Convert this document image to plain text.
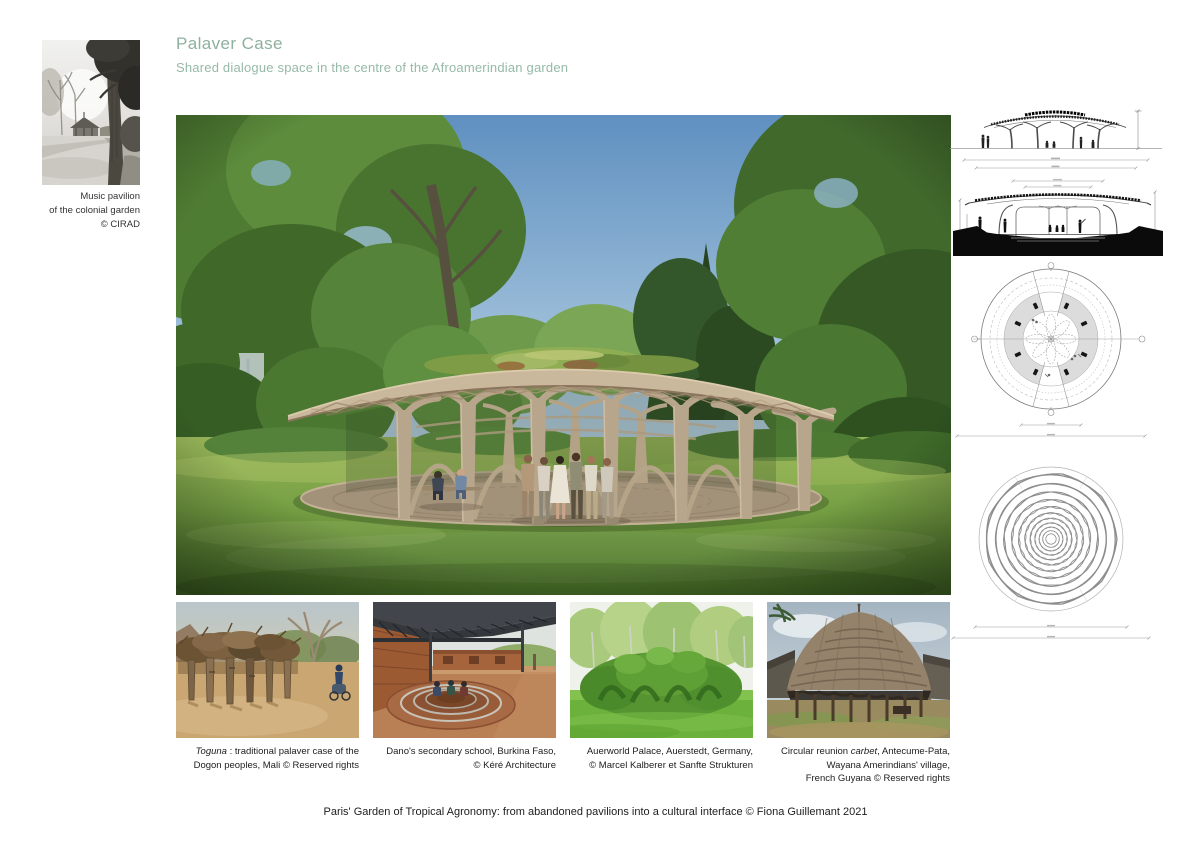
Palaver Case
Shared dialogue space in the centre of the Afroamerindian garden
Music pavilion
of the colonial garden
© CIRAD
Toguna : traditional palaver case of the
Dogon peoples, Mali © Reserved rights
Dano's secondary school, Burkina Faso,
© Kéré Architecture
Auerworld Palace, Auerstedt, Germany,
© Marcel Kalberer et Sanfte Strukturen
Circular reunion carbet, Antecume-Pata,
Wayana Amerindians' village,
French Guyana © Reserved rights
Paris' Garden of Tropical Agronomy: from abandoned pavilions into a cultural interface © Fiona Guillemant 2021
